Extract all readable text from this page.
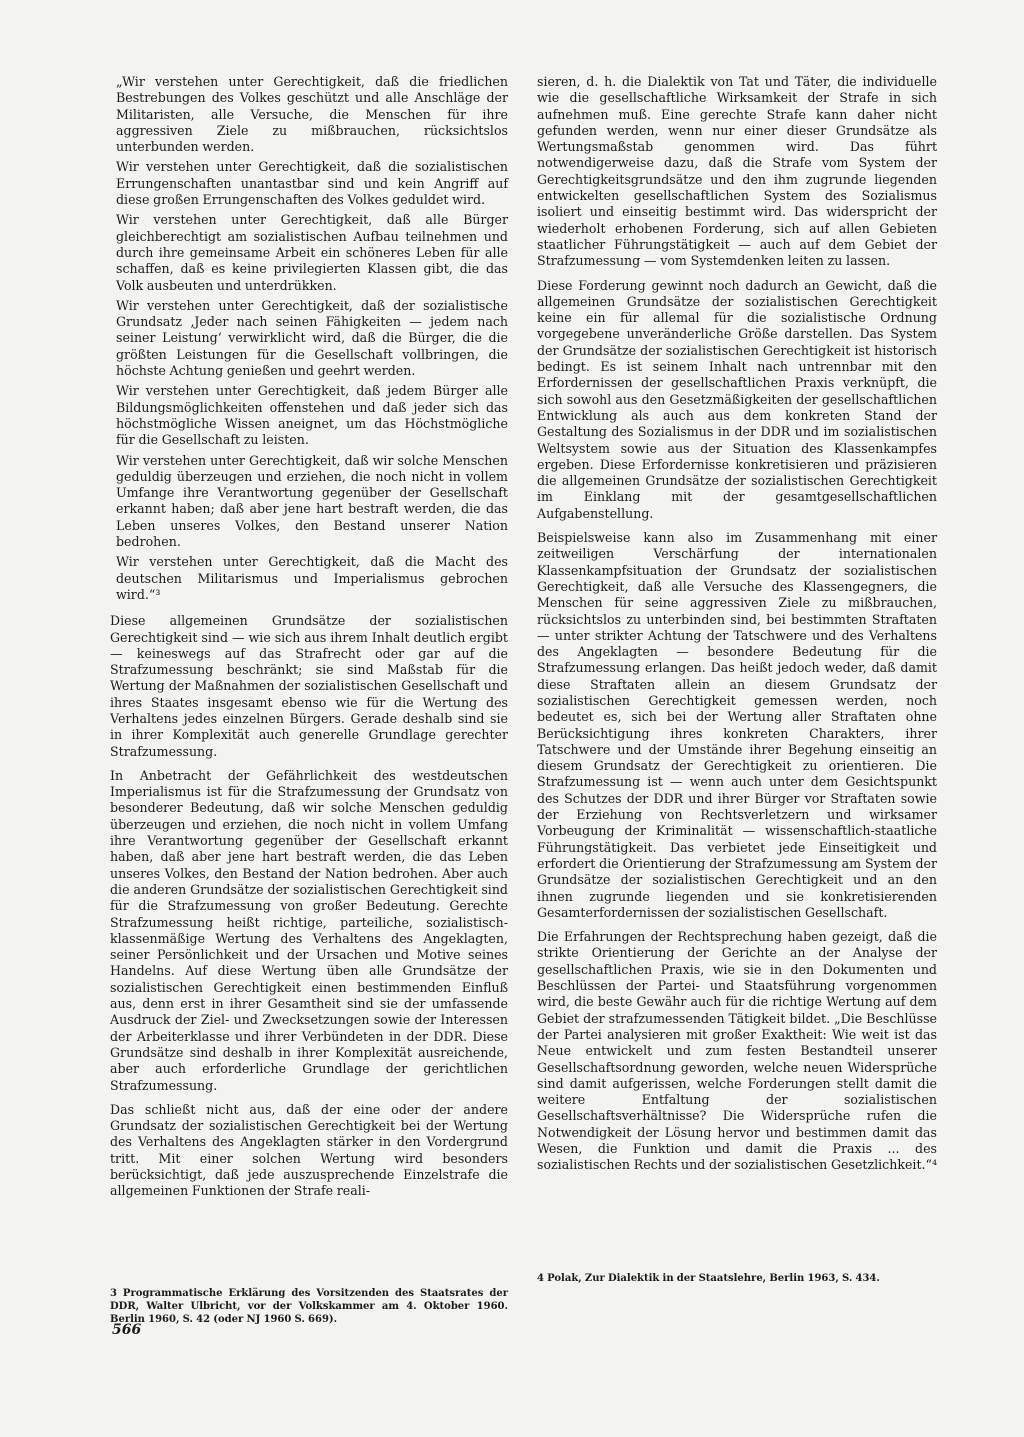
„Wir verstehen unter Gerechtigkeit, daß die friedlichen Bestrebungen des Volkes geschützt und alle Anschläge der Militaristen, alle Versuche, die Menschen für ihre aggressiven Ziele zu mißbrauchen, rücksichtslos unterbunden werden.

Wir verstehen unter Gerechtigkeit, daß die sozialistischen Errungenschaften unantastbar sind und kein Angriff auf diese großen Errungenschaften des Volkes geduldet wird.

Wir verstehen unter Gerechtigkeit, daß alle Bürger gleichberechtigt am sozialistischen Aufbau teilnehmen und durch ihre gemeinsame Arbeit ein schöneres Leben für alle schaffen, daß es keine privilegierten Klassen gibt, die das Volk ausbeuten und unterdrükken.

Wir verstehen unter Gerechtigkeit, daß der sozialistische Grundsatz ‚Jeder nach seinen Fähigkeiten — jedem nach seiner Leistung‘ verwirklicht wird, daß die Bürger, die die größten Leistungen für die Gesellschaft vollbringen, die höchste Achtung genießen und geehrt werden.

Wir verstehen unter Gerechtigkeit, daß jedem Bürger alle Bildungsmöglichkeiten offenstehen und daß jeder sich das höchstmögliche Wissen aneignet, um das Höchstmögliche für die Gesellschaft zu leisten.

Wir verstehen unter Gerechtigkeit, daß wir solche Menschen geduldig überzeugen und erziehen, die noch nicht in vollem Umfange ihre Verantwortung gegenüber der Gesellschaft erkannt haben; daß aber jene hart bestraft werden, die das Leben unseres Volkes, den Bestand unserer Nation bedrohen.

Wir verstehen unter Gerechtigkeit, daß die Macht des deutschen Militarismus und Imperialismus gebrochen wird.“³

Diese allgemeinen Grundsätze der sozialistischen Gerechtigkeit sind — wie sich aus ihrem Inhalt deutlich ergibt — keineswegs auf das Strafrecht oder gar auf die Strafzumessung beschränkt; sie sind Maßstab für die Wertung der Maßnahmen der sozialistischen Gesellschaft und ihres Staates insgesamt ebenso wie für die Wertung des Verhaltens jedes einzelnen Bürgers. Gerade deshalb sind sie in ihrer Komplexität auch generelle Grundlage gerechter Strafzumessung.

In Anbetracht der Gefährlichkeit des westdeutschen Imperialismus ist für die Strafzumessung der Grundsatz von besonderer Bedeutung, daß wir solche Menschen geduldig überzeugen und erziehen, die noch nicht in vollem Umfang ihre Verantwortung gegenüber der Gesellschaft erkannt haben, daß aber jene hart bestraft werden, die das Leben unseres Volkes, den Bestand der Nation bedrohen. Aber auch die anderen Grundsätze der sozialistischen Gerechtigkeit sind für die Strafzumessung von großer Bedeutung. Gerechte Strafzumessung heißt richtige, parteiliche, sozialistisch-klassenmäßige Wertung des Verhaltens des Angeklagten, seiner Persönlichkeit und der Ursachen und Motive seines Handelns. Auf diese Wertung üben alle Grundsätze der sozialistischen Gerechtigkeit einen bestimmenden Einfluß aus, denn erst in ihrer Gesamtheit sind sie der umfassende Ausdruck der Ziel- und Zwecksetzungen sowie der Interessen der Arbeiterklasse und ihrer Verbündeten in der DDR. Diese Grundsätze sind deshalb in ihrer Komplexität ausreichende, aber auch erforderliche Grundlage der gerichtlichen Strafzumessung.

Das schließt nicht aus, daß der eine oder der andere Grundsatz der sozialistischen Gerechtigkeit bei der Wertung des Verhaltens des Angeklagten stärker in den Vordergrund tritt. Mit einer solchen Wertung wird besonders berücksichtigt, daß jede auszusprechende Einzelstrafe die allgemeinen Funktionen der Strafe reali-

sieren, d. h. die Dialektik von Tat und Täter, die individuelle wie die gesellschaftliche Wirksamkeit der Strafe in sich aufnehmen muß. Eine gerechte Strafe kann daher nicht gefunden werden, wenn nur einer dieser Grundsätze als Wertungsmaßstab genommen wird. Das führt notwendigerweise dazu, daß die Strafe vom System der Gerechtigkeitsgrundsätze und den ihm zugrunde liegenden entwickelten gesellschaftlichen System des Sozialismus isoliert und einseitig bestimmt wird. Das widerspricht der wiederholt erhobenen Forderung, sich auf allen Gebieten staatlicher Führungstätigkeit — auch auf dem Gebiet der Strafzumessung — vom Systemdenken leiten zu lassen.

Diese Forderung gewinnt noch dadurch an Gewicht, daß die allgemeinen Grundsätze der sozialistischen Gerechtigkeit keine ein für allemal für die sozialistische Ordnung vorgegebene unveränderliche Größe darstellen. Das System der Grundsätze der sozialistischen Gerechtigkeit ist historisch bedingt. Es ist seinem Inhalt nach untrennbar mit den Erfordernissen der gesellschaftlichen Praxis verknüpft, die sich sowohl aus den Gesetzmäßigkeiten der gesellschaftlichen Entwicklung als auch aus dem konkreten Stand der Gestaltung des Sozialismus in der DDR und im sozialistischen Weltsystem sowie aus der Situation des Klassenkampfes ergeben. Diese Erfordernisse konkretisieren und präzisieren die allgemeinen Grundsätze der sozialistischen Gerechtigkeit im Einklang mit der gesamtgesellschaftlichen Aufgabenstellung.

Beispielsweise kann also im Zusammenhang mit einer zeitweiligen Verschärfung der internationalen Klassenkampfsituation der Grundsatz der sozialistischen Gerechtigkeit, daß alle Versuche des Klassengegners, die Menschen für seine aggressiven Ziele zu mißbrauchen, rücksichtslos zu unterbinden sind, bei bestimmten Straftaten — unter strikter Achtung der Tatschwere und des Verhaltens des Angeklagten — besondere Bedeutung für die Strafzumessung erlangen. Das heißt jedoch weder, daß damit diese Straftaten allein an diesem Grundsatz der sozialistischen Gerechtigkeit gemessen werden, noch bedeutet es, sich bei der Wertung aller Straftaten ohne Berücksichtigung ihres konkreten Charakters, ihrer Tatschwere und der Umstände ihrer Begehung einseitig an diesem Grundsatz der Gerechtigkeit zu orientieren. Die Strafzumessung ist — wenn auch unter dem Gesichtspunkt des Schutzes der DDR und ihrer Bürger vor Straftaten sowie der Erziehung von Rechtsverletzern und wirksamer Vorbeugung der Kriminalität — wissenschaftlich-staatliche Führungstätigkeit. Das verbietet jede Einseitigkeit und erfordert die Orientierung der Strafzumessung am System der Grundsätze der sozialistischen Gerechtigkeit und an den ihnen zugrunde liegenden und sie konkretisierenden Gesamterfordernissen der sozialistischen Gesellschaft.

Die Erfahrungen der Rechtsprechung haben gezeigt, daß die strikte Orientierung der Gerichte an der Analyse der gesellschaftlichen Praxis, wie sie in den Dokumenten und Beschlüssen der Partei- und Staatsführung vorgenommen wird, die beste Gewähr auch für die richtige Wertung auf dem Gebiet der strafzumessenden Tätigkeit bildet. „Die Beschlüsse der Partei analysieren mit großer Exaktheit: Wie weit ist das Neue entwickelt und zum festen Bestandteil unserer Gesellschaftsordnung geworden, welche neuen Widersprüche sind damit aufgerissen, welche Forderungen stellt damit die weitere Entfaltung der sozialistischen Gesellschaftsverhältnisse? Die Widersprüche rufen die Notwendigkeit der Lösung hervor und bestimmen damit das Wesen, die Funktion und damit die Praxis ... des sozialistischen Rechts und der sozialistischen Gesetzlichkeit.“⁴

3 Programmatische Erklärung des Vorsitzenden des Staatsrates der DDR, Walter Ulbricht, vor der Volkskammer am 4. Oktober 1960. Berlin 1960, S. 42 (oder NJ 1960 S. 669).
4 Polak, Zur Dialektik in der Staatslehre, Berlin 1963, S. 434.
566
